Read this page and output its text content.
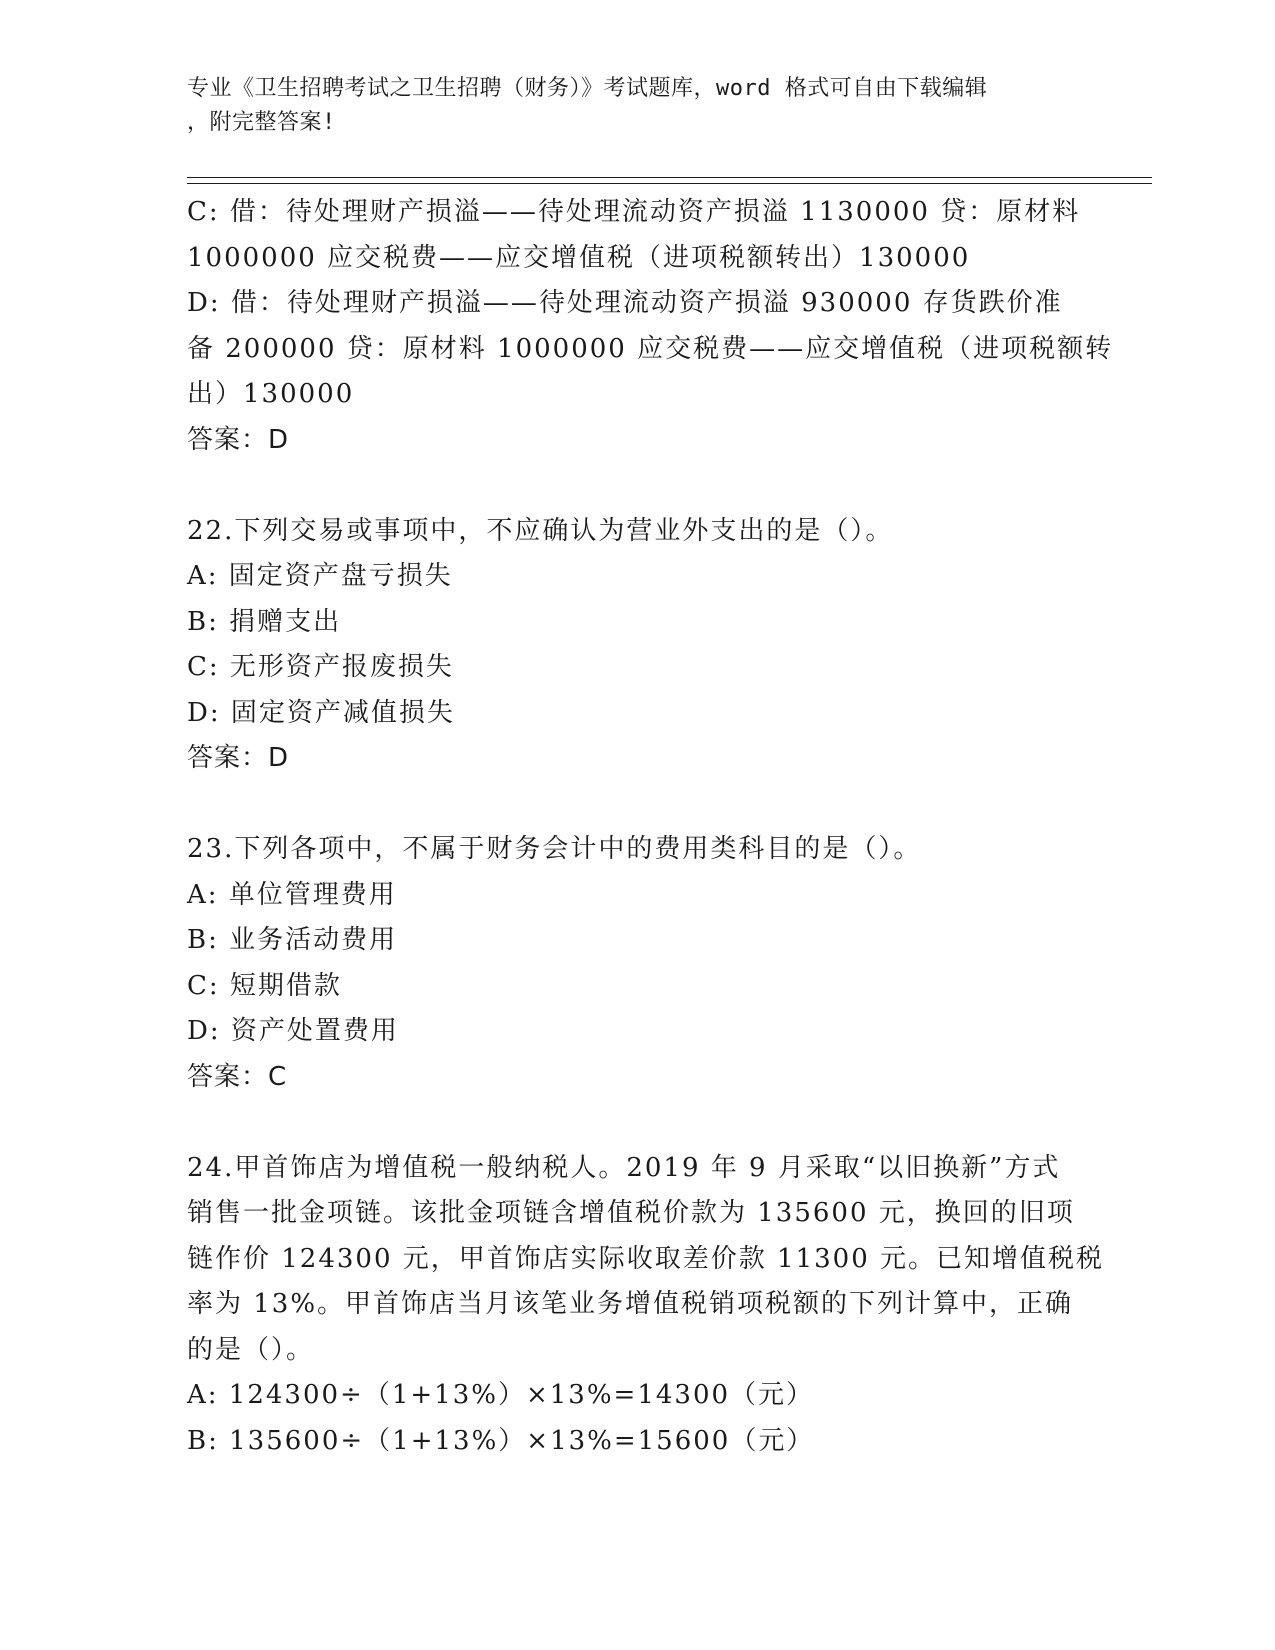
专业《卫生招聘考试之卫生招聘（财务）》考试题库，word 格式可自由下载编辑
，附完整答案!

C: 借：待处理财产损溢——待处理流动资产损溢 1130000 贷：原材料

1000000 应交税费——应交增值税（进项税额转出）130000

D: 借：待处理财产损溢——待处理流动资产损溢 930000 存货跌价准

备 200000 贷：原材料 1000000 应交税费——应交增值税（进项税额转

出）130000

答案：D

22.下列交易或事项中，不应确认为营业外支出的是（）。

A: 固定资产盘亏损失

B: 捐赠支出

C: 无形资产报废损失

D: 固定资产减值损失

答案：D

23.下列各项中，不属于财务会计中的费用类科目的是（）。

A: 单位管理费用

B: 业务活动费用

C: 短期借款

D: 资产处置费用

答案：C

24.甲首饰店为增值税一般纳税人。2019 年 9 月采取“以旧换新”方式

销售一批金项链。该批金项链含增值税价款为 135600 元，换回的旧项

链作价 124300 元，甲首饰店实际收取差价款 11300 元。已知增值税税

率为 13%。甲首饰店当月该笔业务增值税销项税额的下列计算中，正确

的是（）。

A: 124300÷（1+13%）×13%=14300（元）

B: 135600÷（1+13%）×13%=15600（元）
